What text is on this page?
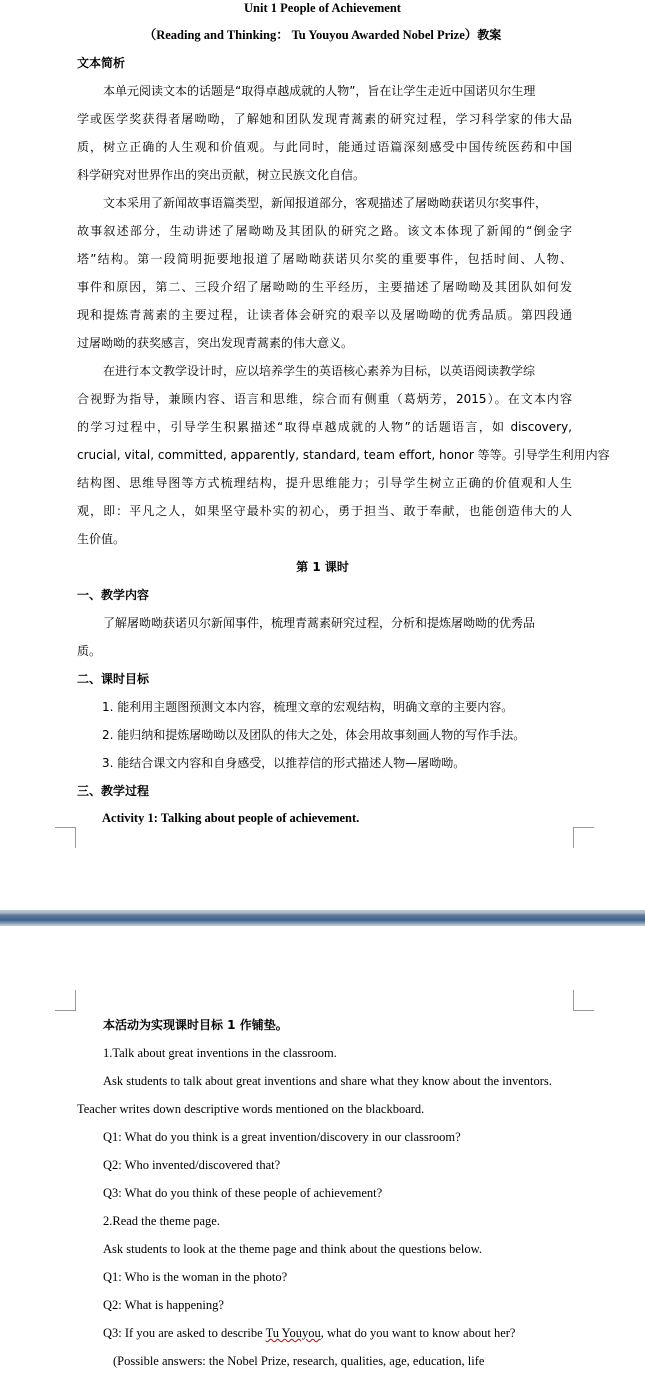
Unit 1 People of Achievement
（Reading and Thinking： Tu Youyou Awarded Nobel Prize）教案
文本简析
本单元阅读文本的话题是“取得卓越成就的人物”，旨在让学生走近中国诺贝尔生理
学或医学奖获得者屠呦呦，了解她和团队发现青蒿素的研究过程，学习科学家的伟大品
质，树立正确的人生观和价值观。与此同时，能通过语篇深刻感受中国传统医药和中国
科学研究对世界作出的突出贡献，树立民族文化自信。
文本采用了新闻故事语篇类型，新闻报道部分，客观描述了屠呦呦获诺贝尔奖事件，
故事叙述部分，生动讲述了屠呦呦及其团队的研究之路。该文本体现了新闻的“倒金字
塔”结构。第一段简明扼要地报道了屠呦呦获诺贝尔奖的重要事件，包括时间、人物、
事件和原因，第二、三段介绍了屠呦呦的生平经历，主要描述了屠呦呦及其团队如何发
现和提炼青蒿素的主要过程，让读者体会研究的艰辛以及屠呦呦的优秀品质。第四段通
过屠呦呦的获奖感言，突出发现青蒿素的伟大意义。
在进行本文教学设计时，应以培养学生的英语核心素养为目标，以英语阅读教学综
合视野为指导，兼顾内容、语言和思维，综合而有侧重（葛炳芳，2015）。在文本内容
的学习过程中，引导学生积累描述“取得卓越成就的人物”的话题语言，如 discovery,
crucial, vital, committed, apparently, standard, team effort, honor 等等。引导学生利用内容
结构图、思维导图等方式梳理结构，提升思维能力；引导学生树立正确的价值观和人生
观，即：平凡之人，如果坚守最朴实的初心，勇于担当、敢于奉献，也能创造伟大的人
生价值。
第 1 课时
一、教学内容
了解屠呦呦获诺贝尔新闻事件，梳理青蒿素研究过程，分析和提炼屠呦呦的优秀品
质。
二、课时目标
1. 能利用主题图预测文本内容，梳理文章的宏观结构，明确文章的主要内容。
2. 能归纳和提炼屠呦呦以及团队的伟大之处，体会用故事刻画人物的写作手法。
3. 能结合课文内容和自身感受，以推荐信的形式描述人物—屠呦呦。
三、教学过程
Activity 1: Talking about people of achievement.
本活动为实现课时目标 1 作铺垫。
1.Talk about great inventions in the classroom.
Ask students to talk about great inventions and share what they know about the inventors.
Teacher writes down descriptive words mentioned on the blackboard.
Q1: What do you think is a great invention/discovery in our classroom?
Q2: Who invented/discovered that?
Q3: What do you think of these people of achievement?
2.Read the theme page.
Ask students to look at the theme page and think about the questions below.
Q1: Who is the woman in the photo?
Q2: What is happening?
Q3: If you are asked to describe Tu Youyou, what do you want to know about her?
(Possible answers: the Nobel Prize, research, qualities, age, education, life
